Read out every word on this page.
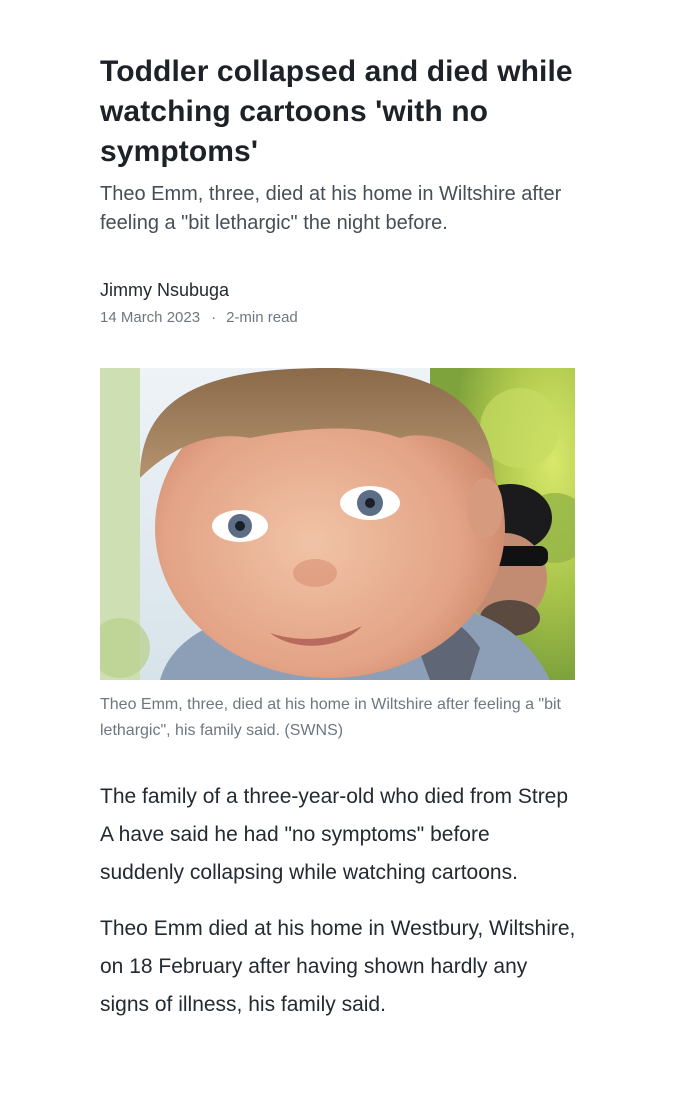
Toddler collapsed and died while watching cartoons 'with no symptoms'

Theo Emm, three, died at his home in Wiltshire after feeling a "bit lethargic" the night before.

Jimmy Nsubuga
14 March 2023 · 2-min read
Theo Emm, three, died at his home in Wiltshire after feeling a "bit lethargic", his family said. (SWNS)

The family of a three-year-old who died from Strep A have said he had "no symptoms" before suddenly collapsing while watching cartoons.

Theo Emm died at his home in Westbury, Wiltshire, on 18 February after having shown hardly any signs of illness, his family said.
